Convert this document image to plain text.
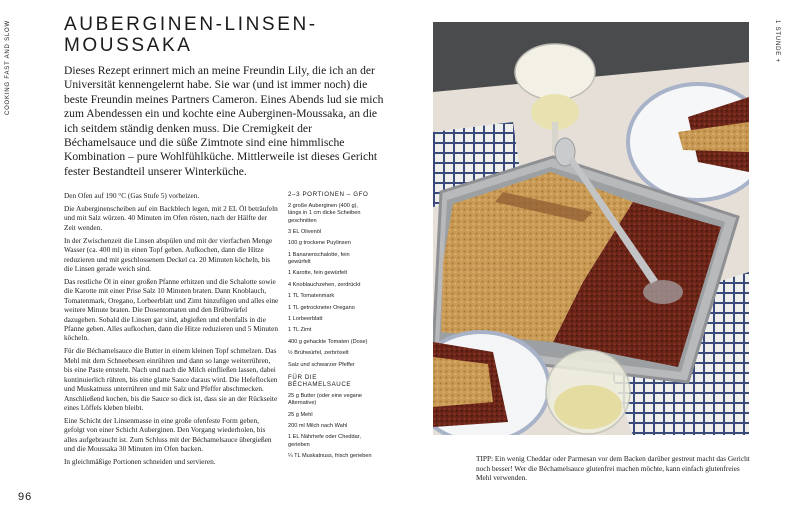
COOKING FAST AND SLOW	AUBERGINEN-LINSEN-
MOUSSAKA

Dieses Rezept erinnert mich an meine Freundin Lily, die ich an der Universität kennengelernt habe. Sie war (und ist immer noch) die beste Freundin meines Partners Cameron. Eines Abends lud sie mich zum Abendessen ein und kochte eine Auberginen-Moussaka, an die ich seitdem ständig denken muss. Die Cremigkeit der Béchamelsauce und die süße Zimtnote sind eine himmlische Kombination – pure Wohlfühlküche. Mittlerweile ist dieses Gericht fester Bestandteil unserer Winterküche.

Den Ofen auf 190 °C (Gas Stufe 5) vorheizen.

Die Auberginenscheiben auf ein Backblech legen, mit 2 EL Öl beträufeln und mit Salz würzen. 40 Minuten im Ofen rösten, nach der Hälfte der Zeit wenden.

In der Zwischenzeit die Linsen abspülen und mit der vierfachen Menge Wasser (ca. 400 ml) in einen Topf geben. Aufkochen, dann die Hitze reduzieren und mit geschlossenem Deckel ca. 20 Minuten köcheln, bis die Linsen gerade weich sind.

Das restliche Öl in einer großen Pfanne erhitzen und die Schalotte sowie die Karotte mit einer Prise Salz 10 Minuten braten. Dann Knoblauch, Tomatenmark, Oregano, Lorbeerblatt und Zimt hinzufügen und alles eine weitere Minute braten. Die Dosentomaten und den Brühwürfel dazugeben. Sobald die Linsen gar sind, abgießen und ebenfalls in die Pfanne geben. Alles aufkochen, dann die Hitze reduzieren und 5 Minuten köcheln.

Für die Béchamelsauce die Butter in einem kleinen Topf schmelzen. Das Mehl mit dem Schneebesen einrühren und dann so lange weiterrühren, bis eine Paste entsteht. Nach und nach die Milch einfließen lassen, dabei kontinuierlich rühren, bis eine glatte Sauce daraus wird. Die Hefeflocken und Muskatnuss unterrühren und mit Salz und Pfeffer abschmecken. Anschließend kochen, bis die Sauce so dick ist, dass sie an der Rückseite eines Löffels kleben bleibt.

Eine Schicht der Linsenmasse in eine große ofenfeste Form geben, gefolgt von einer Schicht Auberginen. Den Vorgang wiederholen, bis alles aufgebraucht ist. Zum Schluss mit der Béchamelsauce übergießen und die Moussaka 30 Minuten im Ofen backen.

In gleichmäßige Portionen schneiden und servieren.

2–3 PORTIONEN – GFO
2 große Auberginen (400 g), längs in 1 cm dicke Scheiben geschnitten
3 EL Olivenöl
100 g trockene Puylinsen
1 Bananenschalotte, fein gewürfelt
1 Karotte, fein gewürfelt
4 Knoblauchzehen, zerdrückt
1 TL Tomatenmark
1 TL getrockneter Oregano
1 Lorbeerblatt
1 TL Zimt
400 g gehackte Tomaten (Dose)
½ Brühwürfel, zerbröselt
Salz und schwarzer Pfeffer
FÜR DIE BÉCHAMELSAUCE
25 g Butter (oder eine vegane Alternative)
25 g Mehl
200 ml Milch nach Wahl
1 EL Nährhefe oder Cheddar, gerieben
¼ TL Muskatnuss, frisch gerieben
96
1 STUNDE +

TIPP: Ein wenig Cheddar oder Parmesan vor dem Backen darüber gestreut macht das Gericht noch besser! Wer die Béchamelsauce glutenfrei machen möchte, kann einfach glutenfreies Mehl verwenden.
